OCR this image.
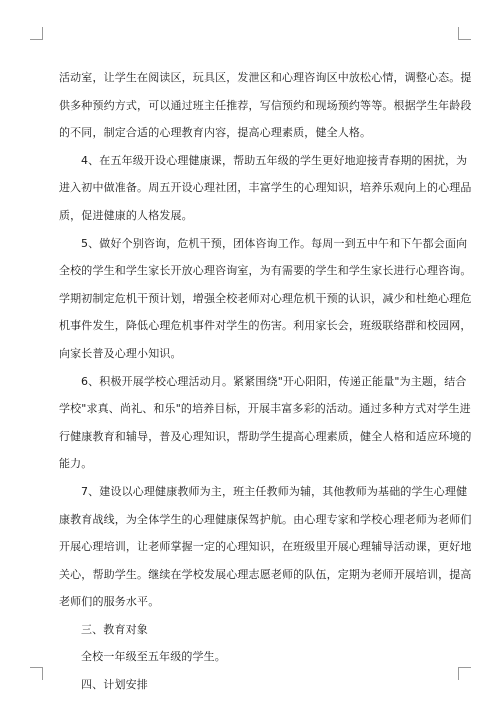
活动室，让学生在阅读区，玩具区，发泄区和心理咨询区中放松心情，调整心态。提
供多种预约方式，可以通过班主任推荐，写信预约和现场预约等等。根据学生年龄段
的不同，制定合适的心理教育内容，提高心理素质，健全人格。

4、在五年级开设心理健康课，帮助五年级的学生更好地迎接青春期的困扰，为
进入初中做准备。周五开设心理社团，丰富学生的心理知识，培养乐观向上的心理品
质，促进健康的人格发展。

5、做好个别咨询，危机干预，团体咨询工作。每周一到五中午和下午都会面向
全校的学生和学生家长开放心理咨询室，为有需要的学生和学生家长进行心理咨询。
学期初制定危机干预计划，增强全校老师对心理危机干预的认识，减少和杜绝心理危
机事件发生，降低心理危机事件对学生的伤害。利用家长会，班级联络群和校园网，
向家长普及心理小知识。

6、积极开展学校心理活动月。紧紧围绕"开心阳阳，传递正能量"为主题，结合
学校"求真、尚礼、和乐"的培养目标，开展丰富多彩的活动。通过多种方式对学生进
行健康教育和辅导，普及心理知识，帮助学生提高心理素质，健全人格和适应环境的
能力。

7、建设以心理健康教师为主，班主任教师为辅，其他教师为基础的学生心理健
康教育战线，为全体学生的心理健康保驾护航。由心理专家和学校心理老师为老师们
开展心理培训，让老师掌握一定的心理知识，在班级里开展心理辅导活动课，更好地
关心，帮助学生。继续在学校发展心理志愿老师的队伍，定期为老师开展培训，提高
老师们的服务水平。

三、教育对象

全校一年级至五年级的学生。

四、计划安排
